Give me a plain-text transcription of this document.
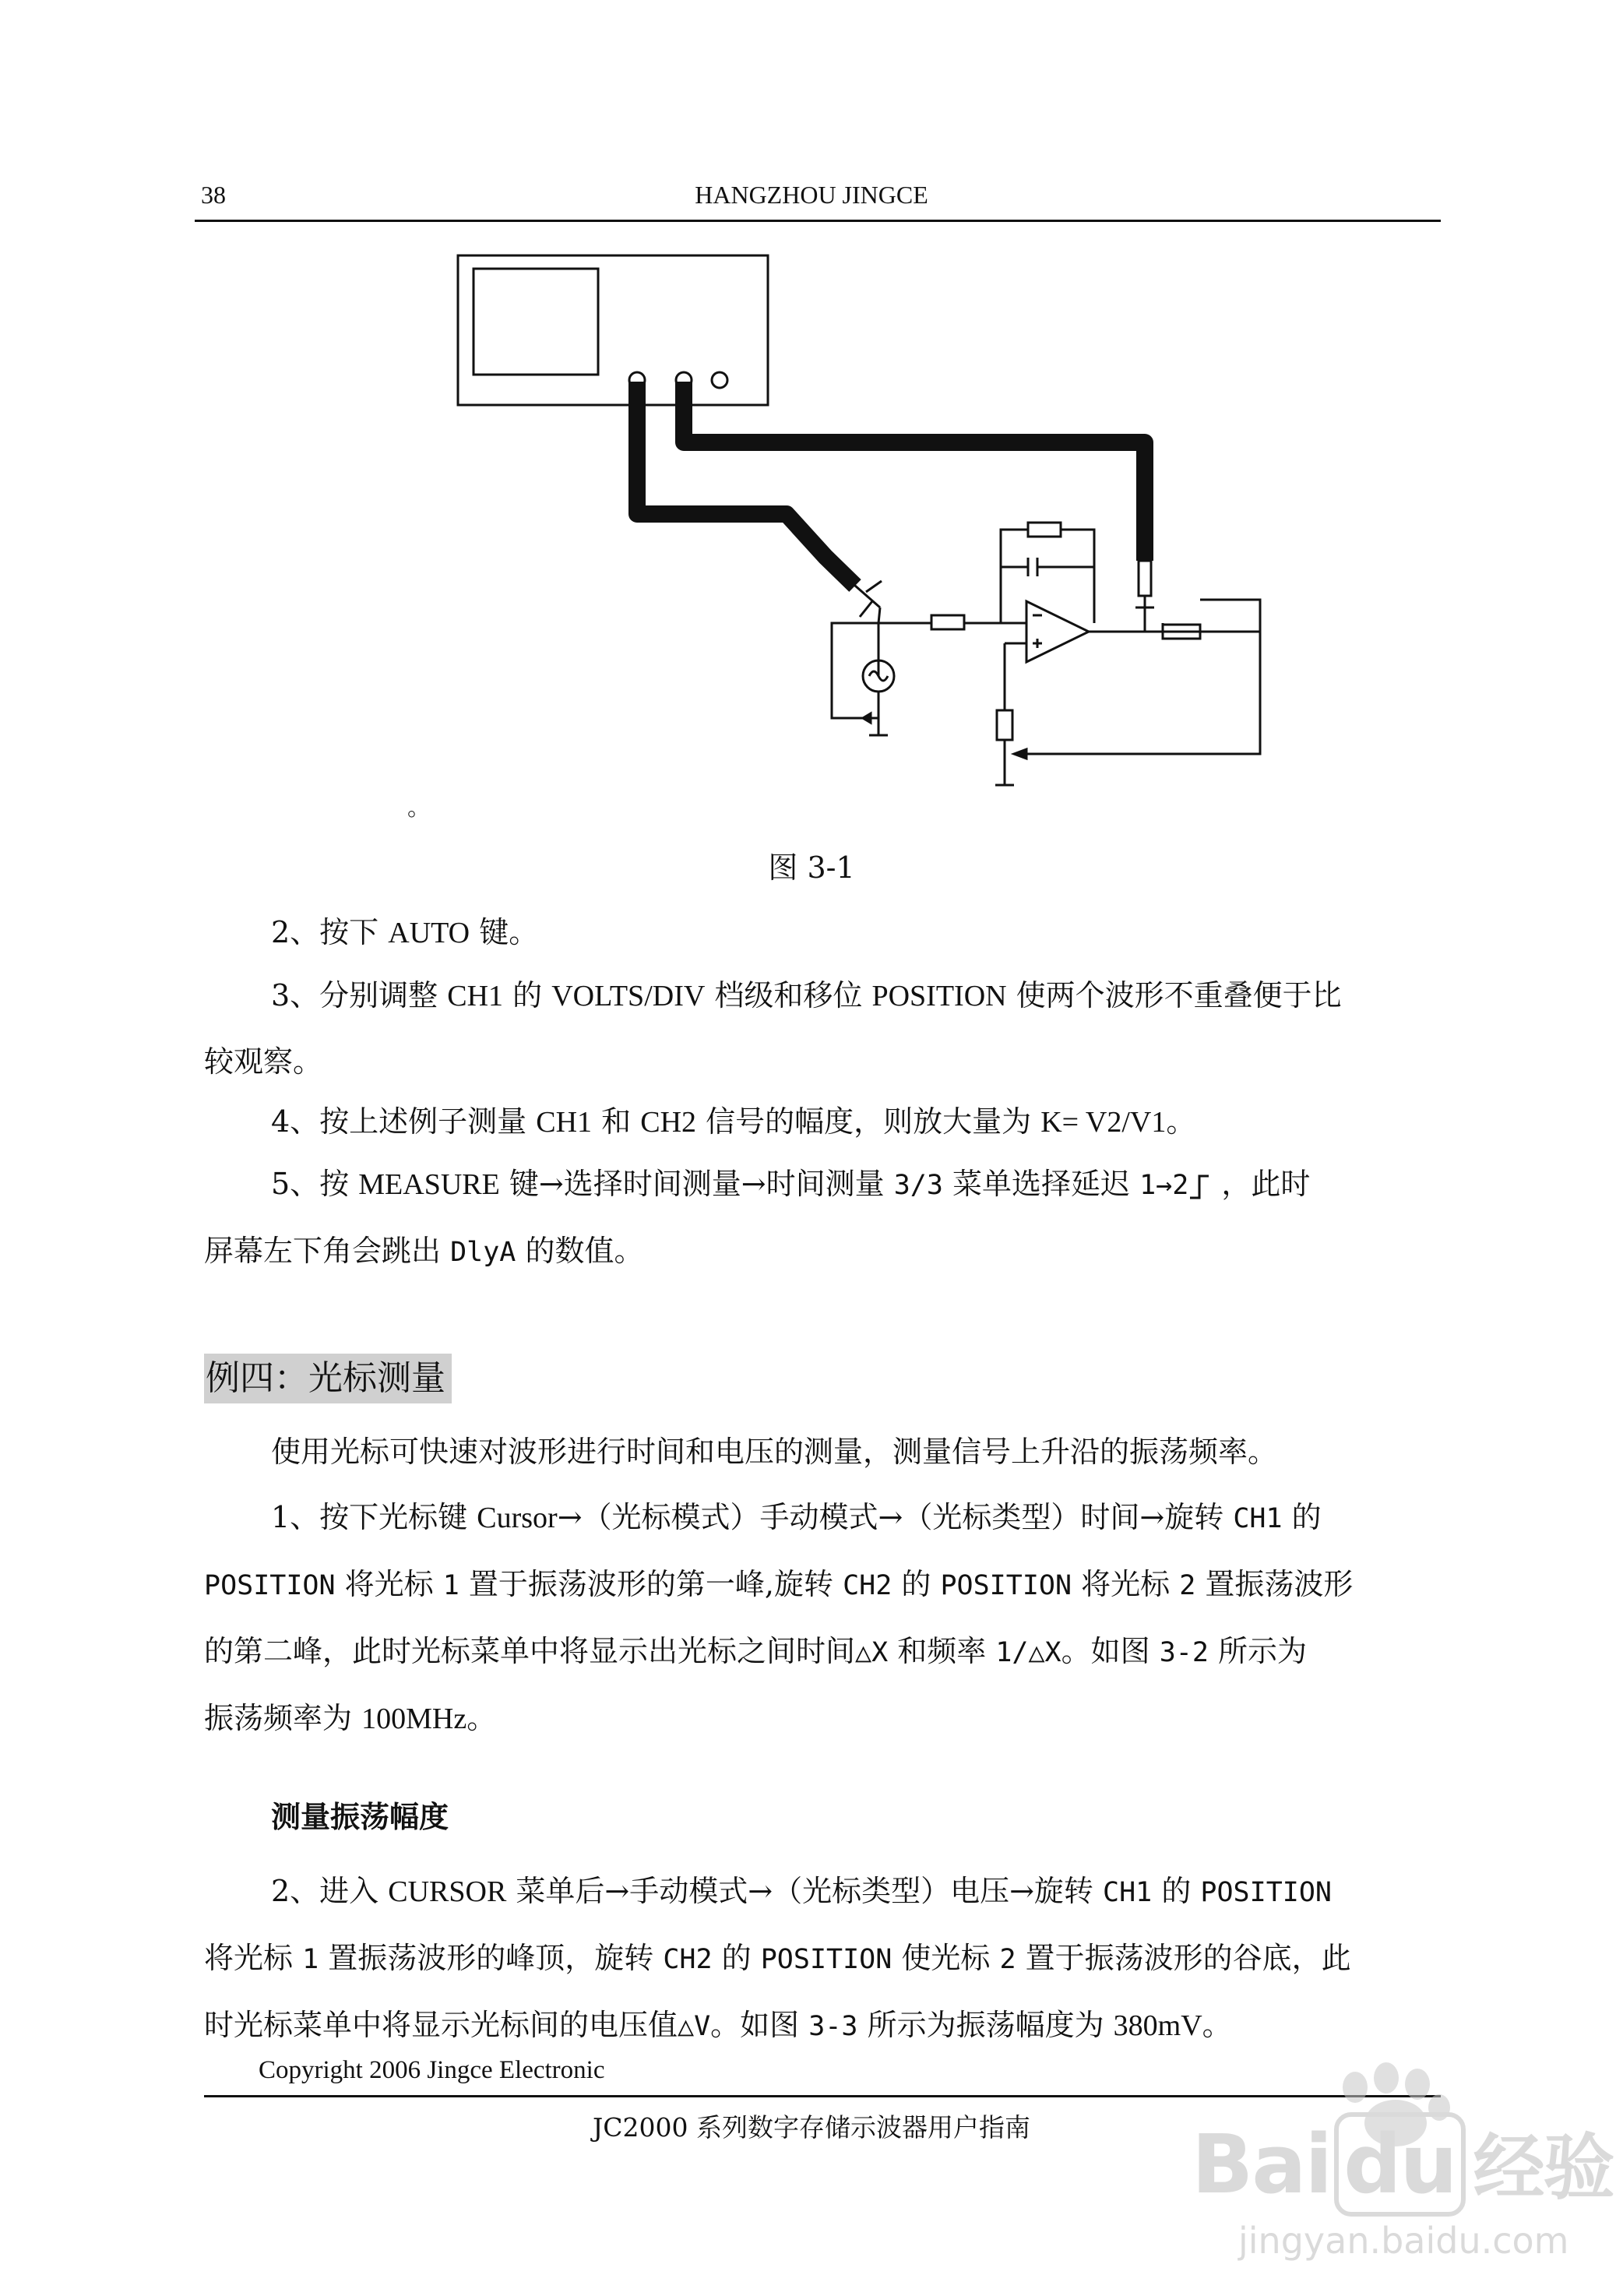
38	HANGZHOU JINGCE
。
图 3-1

2、按下 AUTO 键。

3、分别调整 CH1 的 VOLTS/DIV 档级和移位 POSITION 使两个波形不重叠便于比
较观察。

4、按上述例子测量 CH1 和 CH2 信号的幅度，则放大量为 K= V2/V1。

5、按 MEASURE 键→选择时间测量→时间测量 3/3 菜单选择延迟 1→2 ，此时
屏幕左下角会跳出 DlyA 的数值。

例四：光标测量

使用光标可快速对波形进行时间和电压的测量，测量信号上升沿的振荡频率。

1、按下光标键 Cursor→（光标模式）手动模式→（光标类型）时间→旋转 CH1 的
POSITION 将光标 1 置于振荡波形的第一峰,旋转 CH2 的 POSITION 将光标 2 置振荡波形
的第二峰，此时光标菜单中将显示出光标之间时间△X 和频率 1/△X。如图 3-2 所示为
振荡频率为 100MHz。

测量振荡幅度

2、进入 CURSOR 菜单后→手动模式→（光标类型）电压→旋转 CH1 的 POSITION
将光标 1 置振荡波形的峰顶，旋转 CH2 的 POSITION 使光标 2 置于振荡波形的谷底，此
时光标菜单中将显示光标间的电压值△V。如图 3-3 所示为振荡幅度为 380mV。

Copyright 2006 Jingce Electronic
JC2000 系列数字存储示波器用户指南	Bai du 经验
jingyan.baidu.com
